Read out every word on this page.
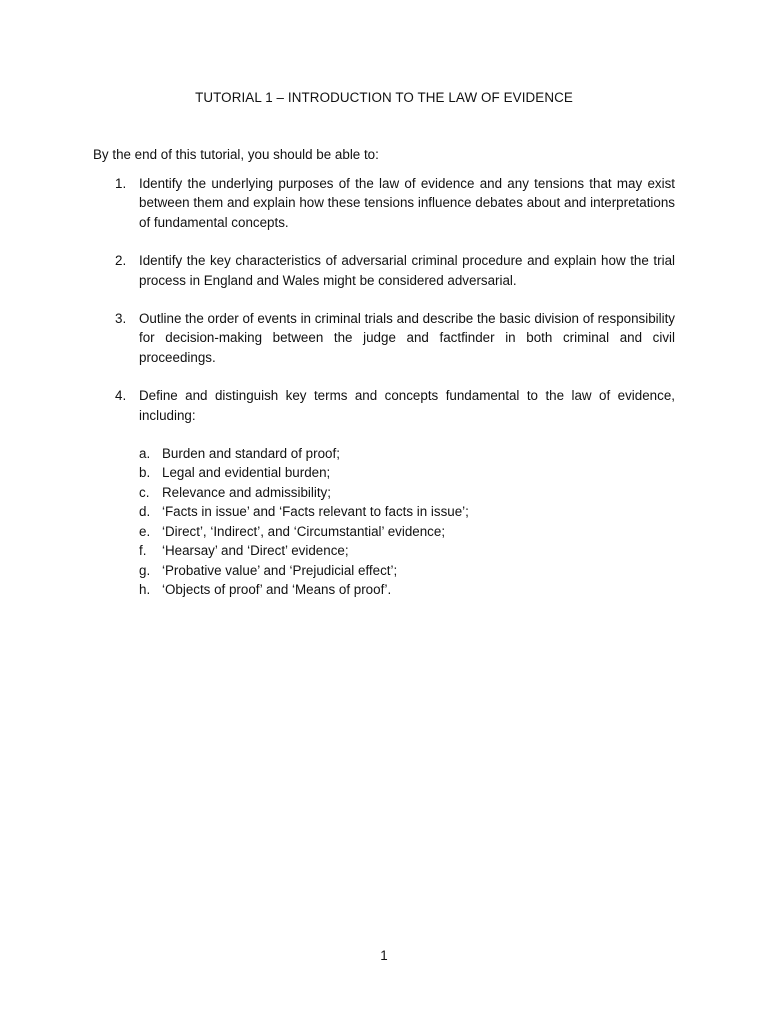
TUTORIAL 1 – INTRODUCTION TO THE LAW OF EVIDENCE
By the end of this tutorial, you should be able to:
1. Identify the underlying purposes of the law of evidence and any tensions that may exist between them and explain how these tensions influence debates about and interpretations of fundamental concepts.
2. Identify the key characteristics of adversarial criminal procedure and explain how the trial process in England and Wales might be considered adversarial.
3. Outline the order of events in criminal trials and describe the basic division of responsibility for decision-making between the judge and factfinder in both criminal and civil proceedings.
4. Define and distinguish key terms and concepts fundamental to the law of evidence, including:
a. Burden and standard of proof;
b. Legal and evidential burden;
c. Relevance and admissibility;
d. ‘Facts in issue’ and ‘Facts relevant to facts in issue’;
e. ‘Direct’, ‘Indirect’, and ‘Circumstantial’ evidence;
f. ‘Hearsay’ and ‘Direct’ evidence;
g. ‘Probative value’ and ‘Prejudicial effect’;
h. ‘Objects of proof’ and ‘Means of proof’.
1
